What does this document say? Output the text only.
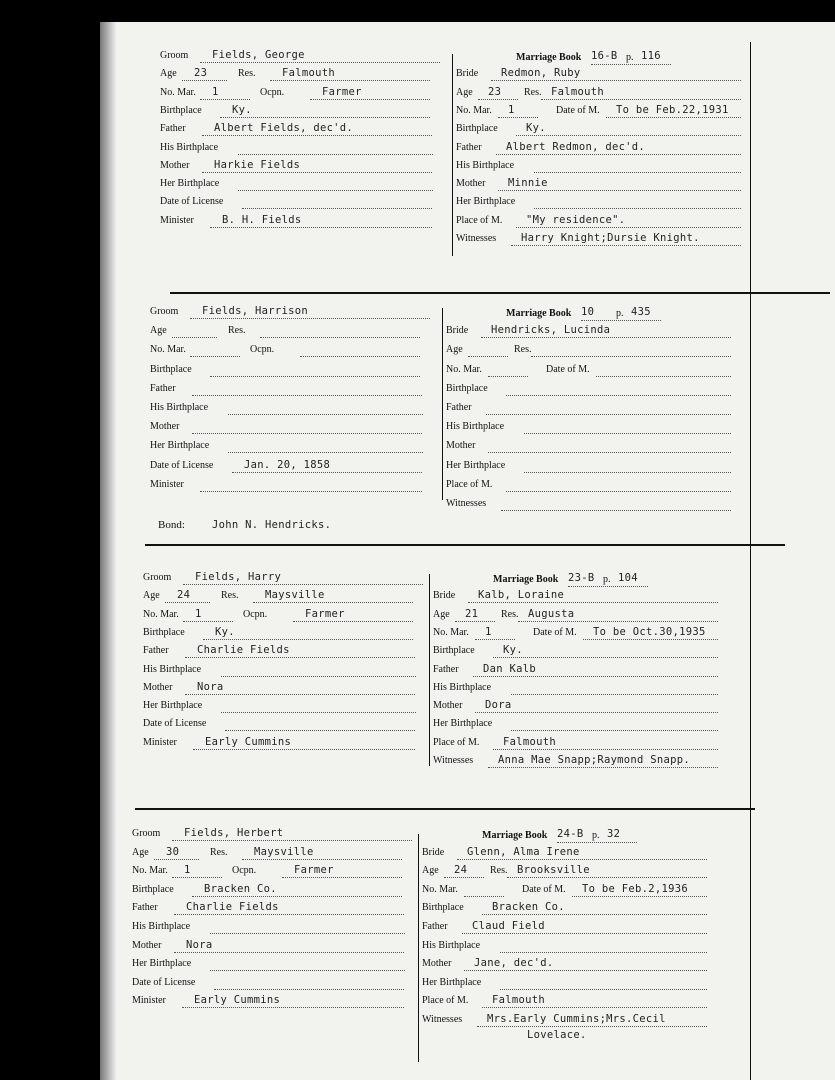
Groom Fields, George
Age 23	Res.	Falmouth
No. Mar. 1	Ocpn.	Farmer
Birthplace	Ky.
Father	Albert Fields, dec'd.
His Birthplace
Mother Harkie Fields
Her Birthplace
Date of License
Minister	B. H. Fields
Marriage Book 16-B p. 116
Bride Redmon, Ruby
Age 23 Res. Falmouth
No. Mar. 1	Date of M. To be Feb.22,1931
Birthplace	Ky.
Father Albert Redmon, dec'd.
His Birthplace
Mother Minnie
Her Birthplace
Place of M. "My residence".
Witnesses Harry Knight;Dursie Knight.
Groom Fields, Harrison
Age	Res.
No. Mar.	Ocpn.
Birthplace
Father
His Birthplace
Mother
Her Birthplace
Date of License	Jan. 20, 1858
Minister
Marriage Book 10 p. 435
Bride Hendricks, Lucinda
Age	Res.
No. Mar.	Date of M.
Birthplace
Father
His Birthplace
Mother
Her Birthplace
Place of M.
Witnesses
Bond:	John N. Hendricks.
Groom Fields, Harry
Age 24	Res.	Maysville
No. Mar. 1	Ocpn.	Farmer
Birthplace	Ky.
Father	Charlie Fields
His Birthplace
Mother Nora
Her Birthplace
Date of License
Minister	Early Cummins
Marriage Book 23-B p. 104
Bride Kalb, Loraine
Age 21 Res. Augusta
No. Mar. 1	Date of M. To be Oct.30,1935
Birthplace	Ky.
Father Dan Kalb
His Birthplace
Mother Dora
Her Birthplace
Place of M. Falmouth
Witnesses Anna Mae Snapp;Raymond Snapp.
Groom Fields, Herbert
Age 30	Res.	Maysville
No. Mar. 1	Ocpn.	Farmer
Birthplace	Bracken Co.
Father	Charlie Fields
His Birthplace
Mother Nora
Her Birthplace
Date of License
Minister	Early Cummins
Marriage Book 24-B p. 32
Bride Glenn, Alma Irene
Age 24 Res. Brooksville
No. Mar.	Date of M. To be Feb.2,1936
Birthplace	Bracken Co.
Father Claud Field
His Birthplace
Mother Jane, dec'd.
Her Birthplace
Place of M. Falmouth
Witnesses Mrs.Early Cummins;Mrs.Cecil
Lovelace.
